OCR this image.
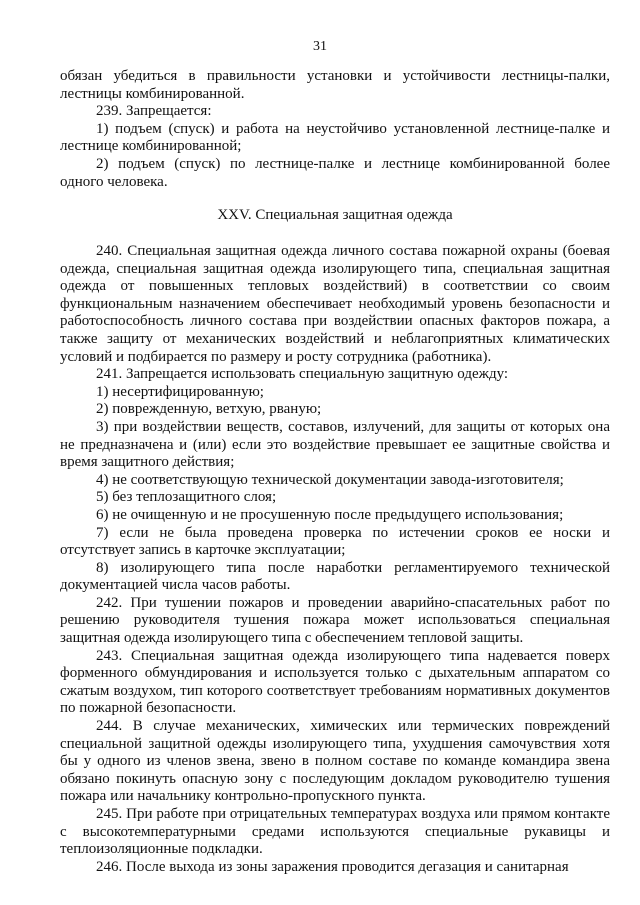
31

обязан убедиться в правильности установки и устойчивости лестницы-палки, лестницы комбинированной.

239. Запрещается:

1) подъем (спуск) и работа на неустойчиво установленной лестнице-палке и лестнице комбинированной;

2) подъем (спуск) по лестнице-палке и лестнице комбинированной более одного человека.

XXV. Специальная защитная одежда

240. Специальная защитная одежда личного состава пожарной охраны (боевая одежда, специальная защитная одежда изолирующего типа, специальная защитная одежда от повышенных тепловых воздействий) в соответствии со своим функциональным назначением обеспечивает необходимый уровень безопасности и работоспособность личного состава при воздействии опасных факторов пожара, а также защиту от механических воздействий и неблагоприятных климатических условий и подбирается по размеру и росту сотрудника (работника).

241. Запрещается использовать специальную защитную одежду:

1) несертифицированную;

2) поврежденную, ветхую, рваную;

3) при воздействии веществ, составов, излучений, для защиты от которых она не предназначена и (или) если это воздействие превышает ее защитные свойства и время защитного действия;

4) не соответствующую технической документации завода-изготовителя;

5) без теплозащитного слоя;

6) не очищенную и не просушенную после предыдущего использования;

7) если не была проведена проверка по истечении сроков ее носки и отсутствует запись в карточке эксплуатации;

8) изолирующего типа после наработки регламентируемого технической документацией числа часов работы.

242. При тушении пожаров и проведении аварийно-спасательных работ по решению руководителя тушения пожара может использоваться специальная защитная одежда изолирующего типа с обеспечением тепловой защиты.

243. Специальная защитная одежда изолирующего типа надевается поверх форменного обмундирования и используется только с дыхательным аппаратом со сжатым воздухом, тип которого соответствует требованиям нормативных документов по пожарной безопасности.

244. В случае механических, химических или термических повреждений специальной защитной одежды изолирующего типа, ухудшения самочувствия хотя бы у одного из членов звена, звено в полном составе по команде командира звена обязано покинуть опасную зону с последующим докладом руководителю тушения пожара или начальнику контрольно-пропускного пункта.

245. При работе при отрицательных температурах воздуха или прямом контакте с высокотемпературными средами используются специальные рукавицы и теплоизоляционные подкладки.

246. После выхода из зоны заражения проводится дегазация и санитарная
